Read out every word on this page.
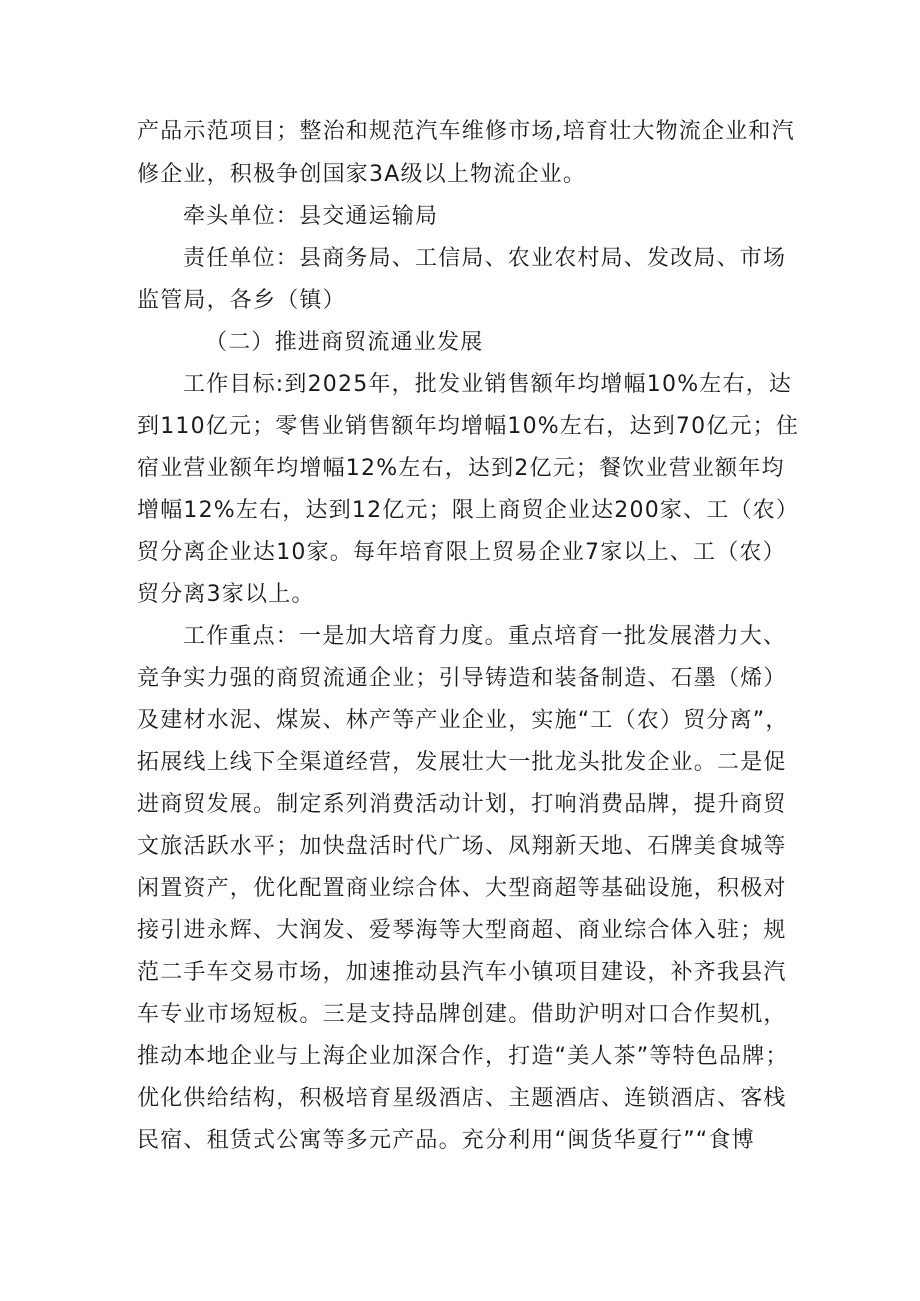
产品示范项目；整治和规范汽车维修市场,培育壮大物流企业和汽
修企业，积极争创国家3A级以上物流企业。
牵头单位：县交通运输局
责任单位：县商务局、工信局、农业农村局、发改局、市场
监管局，各乡（镇）
（二）推进商贸流通业发展
工作目标:到2025年，批发业销售额年均增幅10%左右，达
到110亿元；零售业销售额年均增幅10%左右，达到70亿元；住
宿业营业额年均增幅12%左右，达到2亿元；餐饮业营业额年均
增幅12%左右，达到12亿元；限上商贸企业达200家、工（农）
贸分离企业达10家。每年培育限上贸易企业7家以上、工（农）
贸分离3家以上。
工作重点：一是加大培育力度。重点培育一批发展潜力大、
竞争实力强的商贸流通企业；引导铸造和装备制造、石墨（烯）
及建材水泥、煤炭、林产等产业企业，实施“工（农）贸分离”，
拓展线上线下全渠道经营，发展壮大一批龙头批发企业。二是促
进商贸发展。制定系列消费活动计划，打响消费品牌，提升商贸
文旅活跃水平；加快盘活时代广场、凤翔新天地、石牌美食城等
闲置资产，优化配置商业综合体、大型商超等基础设施，积极对
接引进永辉、大润发、爱琴海等大型商超、商业综合体入驻；规
范二手车交易市场，加速推动县汽车小镇项目建设，补齐我县汽
车专业市场短板。三是支持品牌创建。借助沪明对口合作契机，
推动本地企业与上海企业加深合作，打造“美人茶”等特色品牌；
优化供给结构，积极培育星级酒店、主题酒店、连锁酒店、客栈
民宿、租赁式公寓等多元产品。充分利用“闽货华夏行”“食博
